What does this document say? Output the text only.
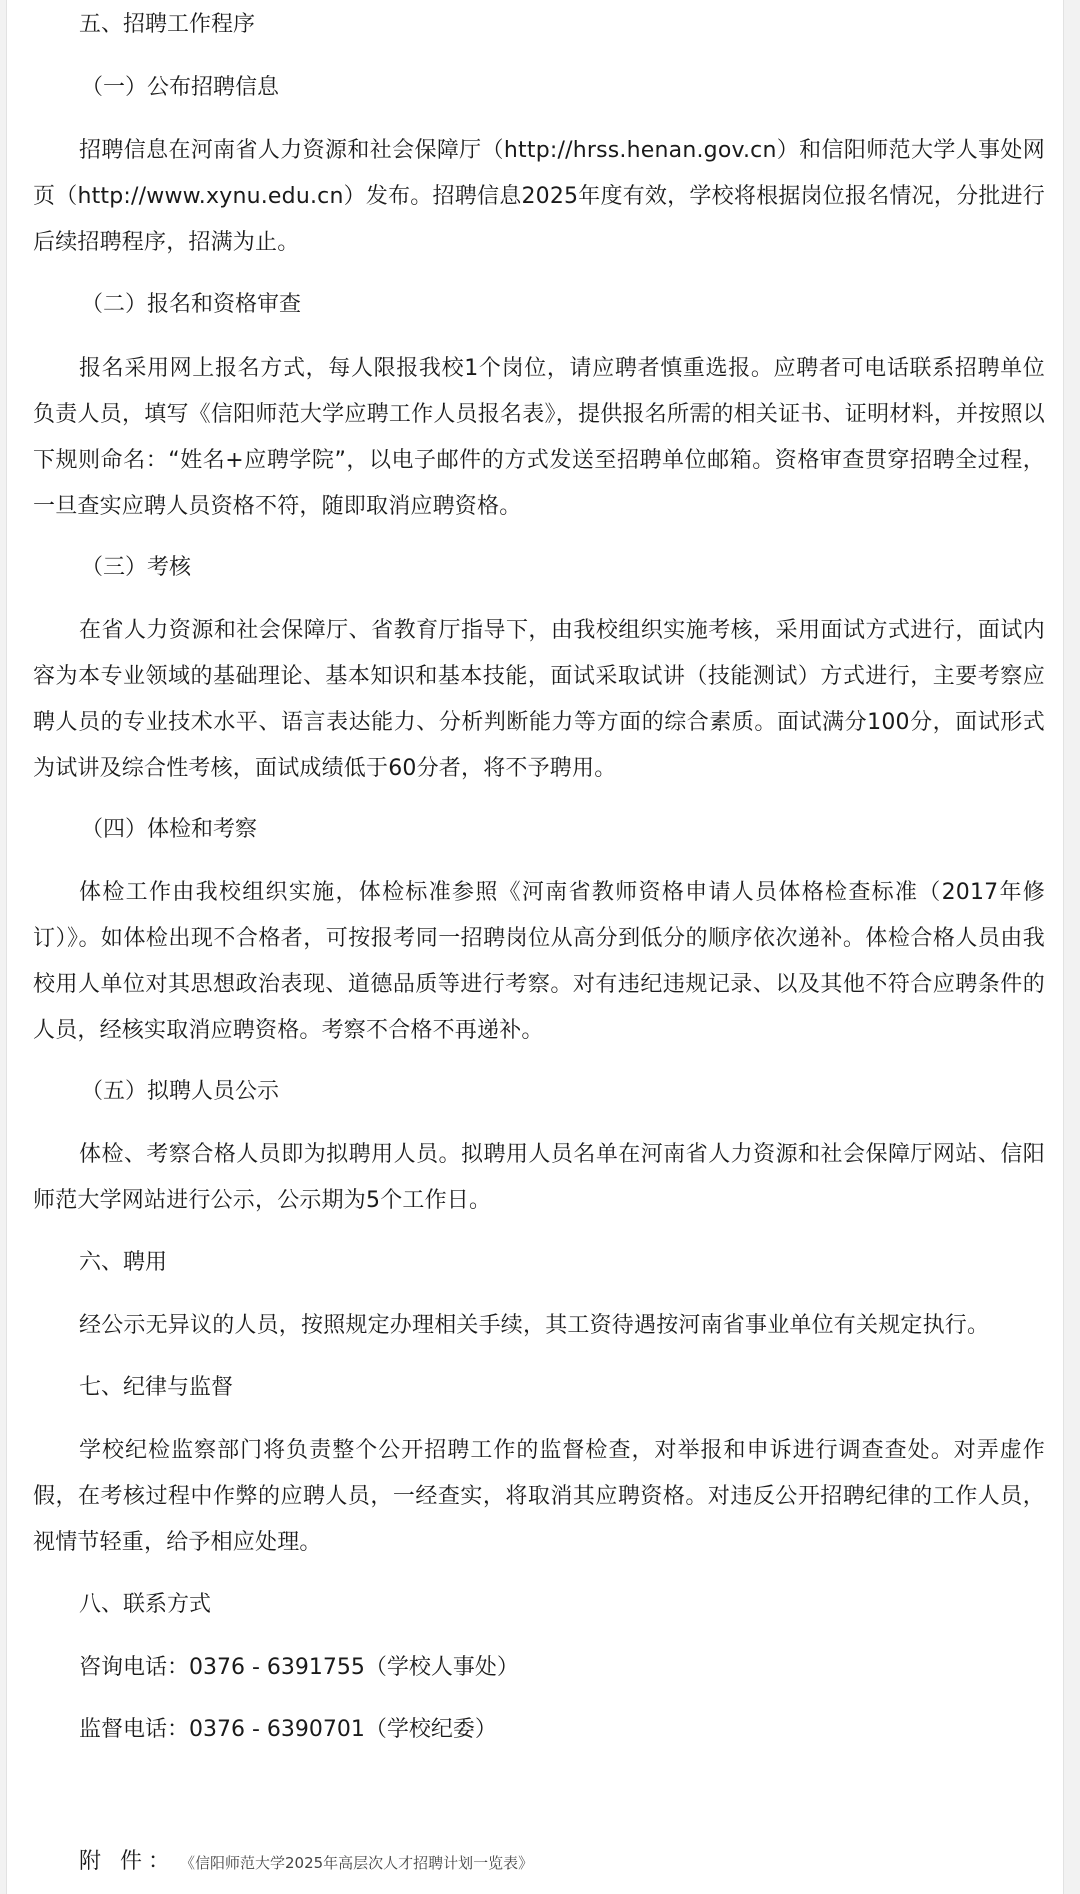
五、招聘工作程序
（一）公布招聘信息
招聘信息在河南省人力资源和社会保障厅（http://hrss.henan.gov.cn）和信阳师范大学人事处网页（http://www.xynu.edu.cn）发布。招聘信息2025年度有效，学校将根据岗位报名情况，分批进行后续招聘程序，招满为止。
（二）报名和资格审查
报名采用网上报名方式，每人限报我校1个岗位，请应聘者慎重选报。应聘者可电话联系招聘单位负责人员，填写《信阳师范大学应聘工作人员报名表》，提供报名所需的相关证书、证明材料，并按照以下规则命名：“姓名+应聘学院”，以电子邮件的方式发送至招聘单位邮箱。资格审查贯穿招聘全过程，一旦查实应聘人员资格不符，随即取消应聘资格。
（三）考核
在省人力资源和社会保障厅、省教育厅指导下，由我校组织实施考核，采用面试方式进行，面试内容为本专业领域的基础理论、基本知识和基本技能，面试采取试讲（技能测试）方式进行，主要考察应聘人员的专业技术水平、语言表达能力、分析判断能力等方面的综合素质。面试满分100分，面试形式为试讲及综合性考核，面试成绩低于60分者，将不予聘用。
（四）体检和考察
体检工作由我校组织实施，体检标准参照《河南省教师资格申请人员体格检查标准（2017年修订）》。如体检出现不合格者，可按报考同一招聘岗位从高分到低分的顺序依次递补。体检合格人员由我校用人单位对其思想政治表现、道德品质等进行考察。对有违纪违规记录、以及其他不符合应聘条件的人员，经核实取消应聘资格。考察不合格不再递补。
（五）拟聘人员公示
体检、考察合格人员即为拟聘用人员。拟聘用人员名单在河南省人力资源和社会保障厅网站、信阳师范大学网站进行公示，公示期为5个工作日。
六、聘用
经公示无异议的人员，按照规定办理相关手续，其工资待遇按河南省事业单位有关规定执行。
七、纪律与监督
学校纪检监察部门将负责整个公开招聘工作的监督检查，对举报和申诉进行调查查处。对弄虚作假，在考核过程中作弊的应聘人员，一经查实，将取消其应聘资格。对违反公开招聘纪律的工作人员，视情节轻重，给予相应处理。
八、联系方式
咨询电话：0376 - 6391755（学校人事处）
监督电话：0376 - 6390701（学校纪委）
附 件： 《信阳师范大学2025年高层次人才招聘计划一览表》
